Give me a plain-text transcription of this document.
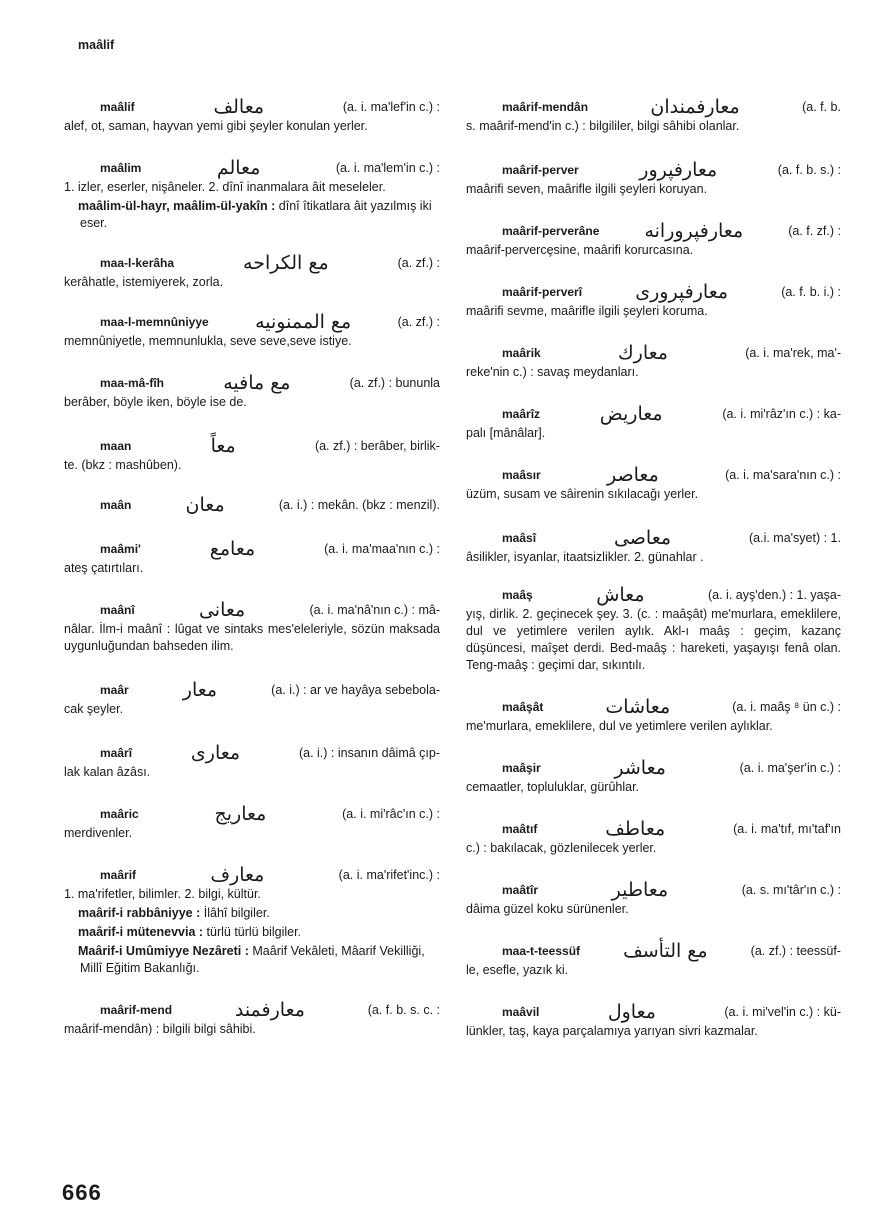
maâlif
maâlif	معالف	(a. i. ma'lef'in c.) :
alef, ot, saman, hayvan yemi gibi şeyler konulan yerler.
maâlim	معالم	(a. i. ma'lem'in c.) :
1. izler, eserler, nişâneler. 2. dînî inanmalara âit meseleler.
maâlim-ül-hayr, maâlim-ül-yakîn : dînî îtikatlara âit yazılmış iki eser.
maa-l-kerâha	مع الكراحه	(a. zf.) :
kerâhatle, istemiyerek, zorla.
maa-l-memnûniyye	مع الممنونيه	(a. zf.) :
memnûniyetle, memnunlukla, seve seve,seve istiye.
maa-mâ-fîh	مع مافيه	(a. zf.) : bununla
berâber, böyle iken, böyle ise de.
maan	معاً	(a. zf.) : berâber, birlik-
te. (bkz : mashûben).
maân	معان	(a. i.) : mekân. (bkz : menzil).
maâmi'	معامع	(a. i. ma'maa'nın c.) :
ateş çatırtıları.
maânî	معانى	(a. i. ma'nâ'nın c.) : mâ-
nâlar. İlm-i maânî : lûgat ve sintaks mes'eleleriyle, sözün maksada uygunluğundan bahseden ilim.
maâr	معار	(a. i.) : ar ve hayâya sebebola-
cak şeyler.
maârî	معارى	(a. i.) : insanın dâimâ çıp-
lak kalan âzâsı.
maâric	معاريج	(a. i. mi'râc'ın c.) :
merdivenler.
maârif	معارف	(a. i. ma'rifet'inc.) :
1. ma'rifetler, bilimler. 2. bilgi, kültür.
maârif-i rabbâniyye : İlâhî bilgiler.
maârif-i mütenevvia : türlü türlü bilgiler.
Maârif-i Umûmiyye Nezâreti : Maârif Vekâleti, Mâarif Vekilliği, Millî Eğitim Bakanlığı.
maârif-mend	معارفمند	(a. f. b. s. c. :
maârif-mendân) : bilgili bilgi sâhibi.
maârif-mendân	معارفمندان	(a. f. b.
s. maârif-mend'in c.) : bilgililer, bilgi sâhibi olanlar.
maârif-perver	معارفپرور	(a. f. b. s.) :
maârifi seven, maârifle ilgili şeyleri koruyan.
maârif-perverâne	معارفپرورانه	(a. f. zf.) :
maârif-pervercȩsine, maârifi korurcasına.
maârif-perverî	معارفپرورى	(a. f. b. i.) :
maârifi sevme, maârifle ilgili şeyleri koruma.
maârik	معارك	(a. i. ma'rek, ma'-
reke'nin c.) : savaş meydanları.
maârîz	معاريض	(a. i. mi'râz'ın c.) : ka-
palı [mânâlar].
maâsır	معاصر	(a. i. ma'sara'nın c.) :
üzüm, susam ve sâirenin sıkılacağı yerler.
maâsî	معاصى	(a.i. ma'syet) : 1.
âsilikler, isyanlar, itaatsizlikler. 2. günahlar .
maâş	معاش	(a. i. ayş'den.) : 1. yaşa-
yış, dirlik. 2. geçinecek şey. 3. (c. : maâşât) me'murlara, emeklilere, dul ve yetimlere verilen aylık. Akl-ı maâş : geçim, kazanç düşüncesi, maîşet derdi. Bed-maâş : hareketi, yaşayışı fenâ olan. Teng-maâş : geçimi dar, sıkıntılı.
maâşât	معاشات	(a. i. maâş ⁸ ün c.) :
me'murlara, emeklilere, dul ve yetimlere verilen aylıklar.
maâşir	معاشر	(a. i. ma'şer'in c.) :
cemaatler, topluluklar, gürûhlar.
maâtıf	معاطف	(a. i. ma'tıf, mı'taf'ın
c.) : bakılacak, gözlenilecek yerler.
maâtîr	معاطير	(a. s. mı'târ'ın c.) :
dâima güzel koku sürünenler.
maa-t-teessüf	مع التأسف	(a. zf.) : teessüf-
le, esefle, yazık ki.
maâvil	معاول	(a. i. mi'vel'in c.) : kü-
lünkler, taş, kaya parçalamıya yarıyan sivri kazmalar.
666
